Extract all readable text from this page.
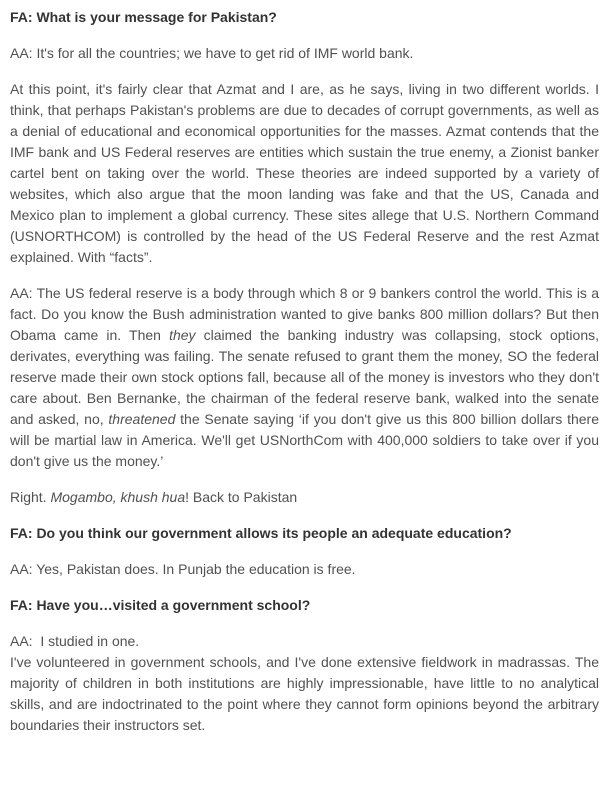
FA: What is your message for Pakistan?

AA: It's for all the countries; we have to get rid of IMF world bank.

At this point, it's fairly clear that Azmat and I are, as he says, living in two different worlds. I think, that perhaps Pakistan's problems are due to decades of corrupt governments, as well as a denial of educational and economical opportunities for the masses. Azmat contends that the IMF bank and US Federal reserves are entities which sustain the true enemy, a Zionist banker cartel bent on taking over the world. These theories are indeed supported by a variety of websites, which also argue that the moon landing was fake and that the US, Canada and Mexico plan to implement a global currency. These sites allege that U.S. Northern Command (USNORTHCOM) is controlled by the head of the US Federal Reserve and the rest Azmat explained. With “facts”.

AA: The US federal reserve is a body through which 8 or 9 bankers control the world. This is a fact. Do you know the Bush administration wanted to give banks 800 million dollars? But then Obama came in. Then they claimed the banking industry was collapsing, stock options, derivates, everything was failing. The senate refused to grant them the money, SO the federal reserve made their own stock options fall, because all of the money is investors who they don't care about. Ben Bernanke, the chairman of the federal reserve bank, walked into the senate and asked, no, threatened the Senate saying ‘if you don't give us this 800 billion dollars there will be martial law in America. We'll get USNorthCom with 400,000 soldiers to take over if you don't give us the money.’

Right. Mogambo, khush hua! Back to Pakistan

FA: Do you think our government allows its people an adequate education?

AA: Yes, Pakistan does. In Punjab the education is free.

FA: Have you…visited a government school?

AA:  I studied in one.
I've volunteered in government schools, and I've done extensive fieldwork in madrassas. The majority of children in both institutions are highly impressionable, have little to no analytical skills, and are indoctrinated to the point where they cannot form opinions beyond the arbitrary boundaries their instructors set.
